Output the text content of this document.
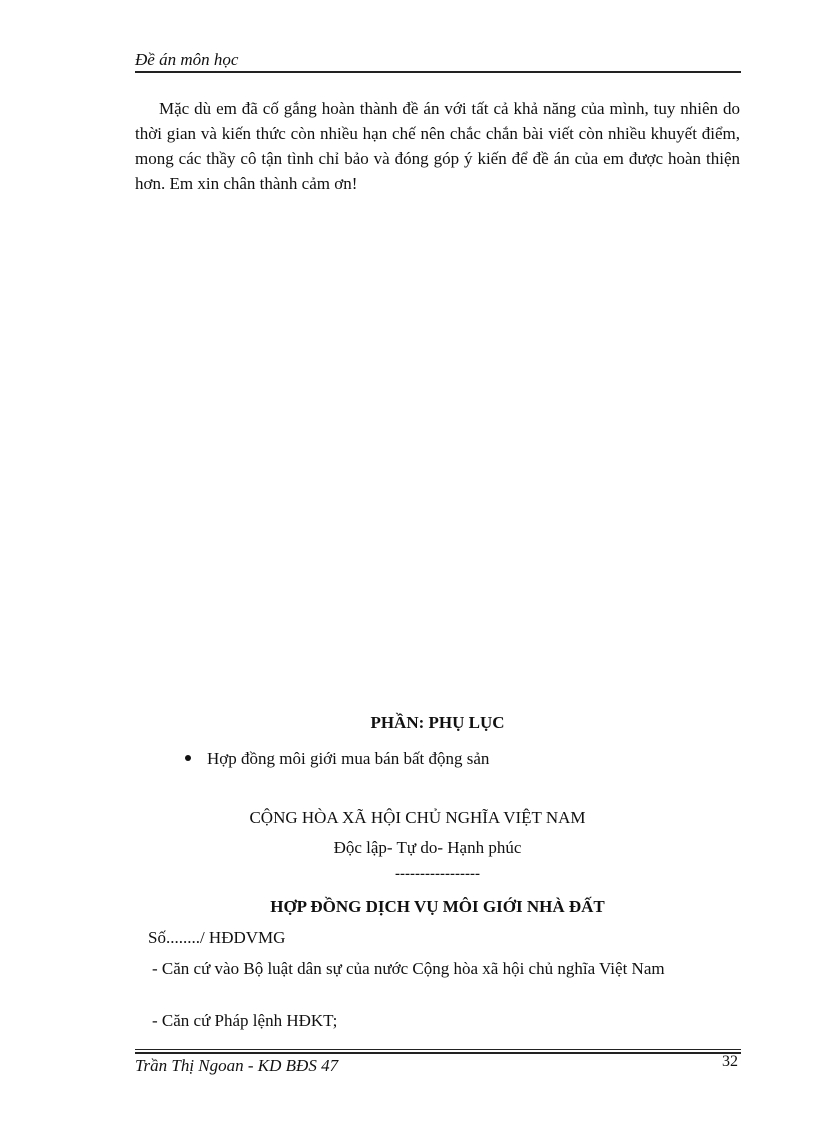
Đề án môn học

Mặc dù em đã cố gắng hoàn thành đề án với tất cả khả năng của mình, tuy nhiên do thời gian và kiến thức còn nhiều hạn chế nên chắc chắn bài viết còn nhiều khuyết điểm, mong các thầy cô tận tình chỉ bảo và đóng góp ý kiến để đề án của em được hoàn thiện hơn. Em xin chân thành cảm ơn!

PHẦN: PHỤ LỤC

Hợp đồng môi giới mua bán bất động sản
CỘNG HÒA XÃ HỘI CHỦ NGHĨA VIỆT NAM
Độc lập- Tự do- Hạnh phúc
-----------------
HỢP ĐỒNG DỊCH VỤ MÔI GIỚI NHÀ ĐẤT
Số......../ HĐDVMG

- Căn cứ vào Bộ luật dân sự của nước Cộng hòa xã hội chủ nghĩa Việt Nam

- Căn cứ Pháp lệnh HĐKT;

Trần Thị Ngoan - KD BĐS 47	32
